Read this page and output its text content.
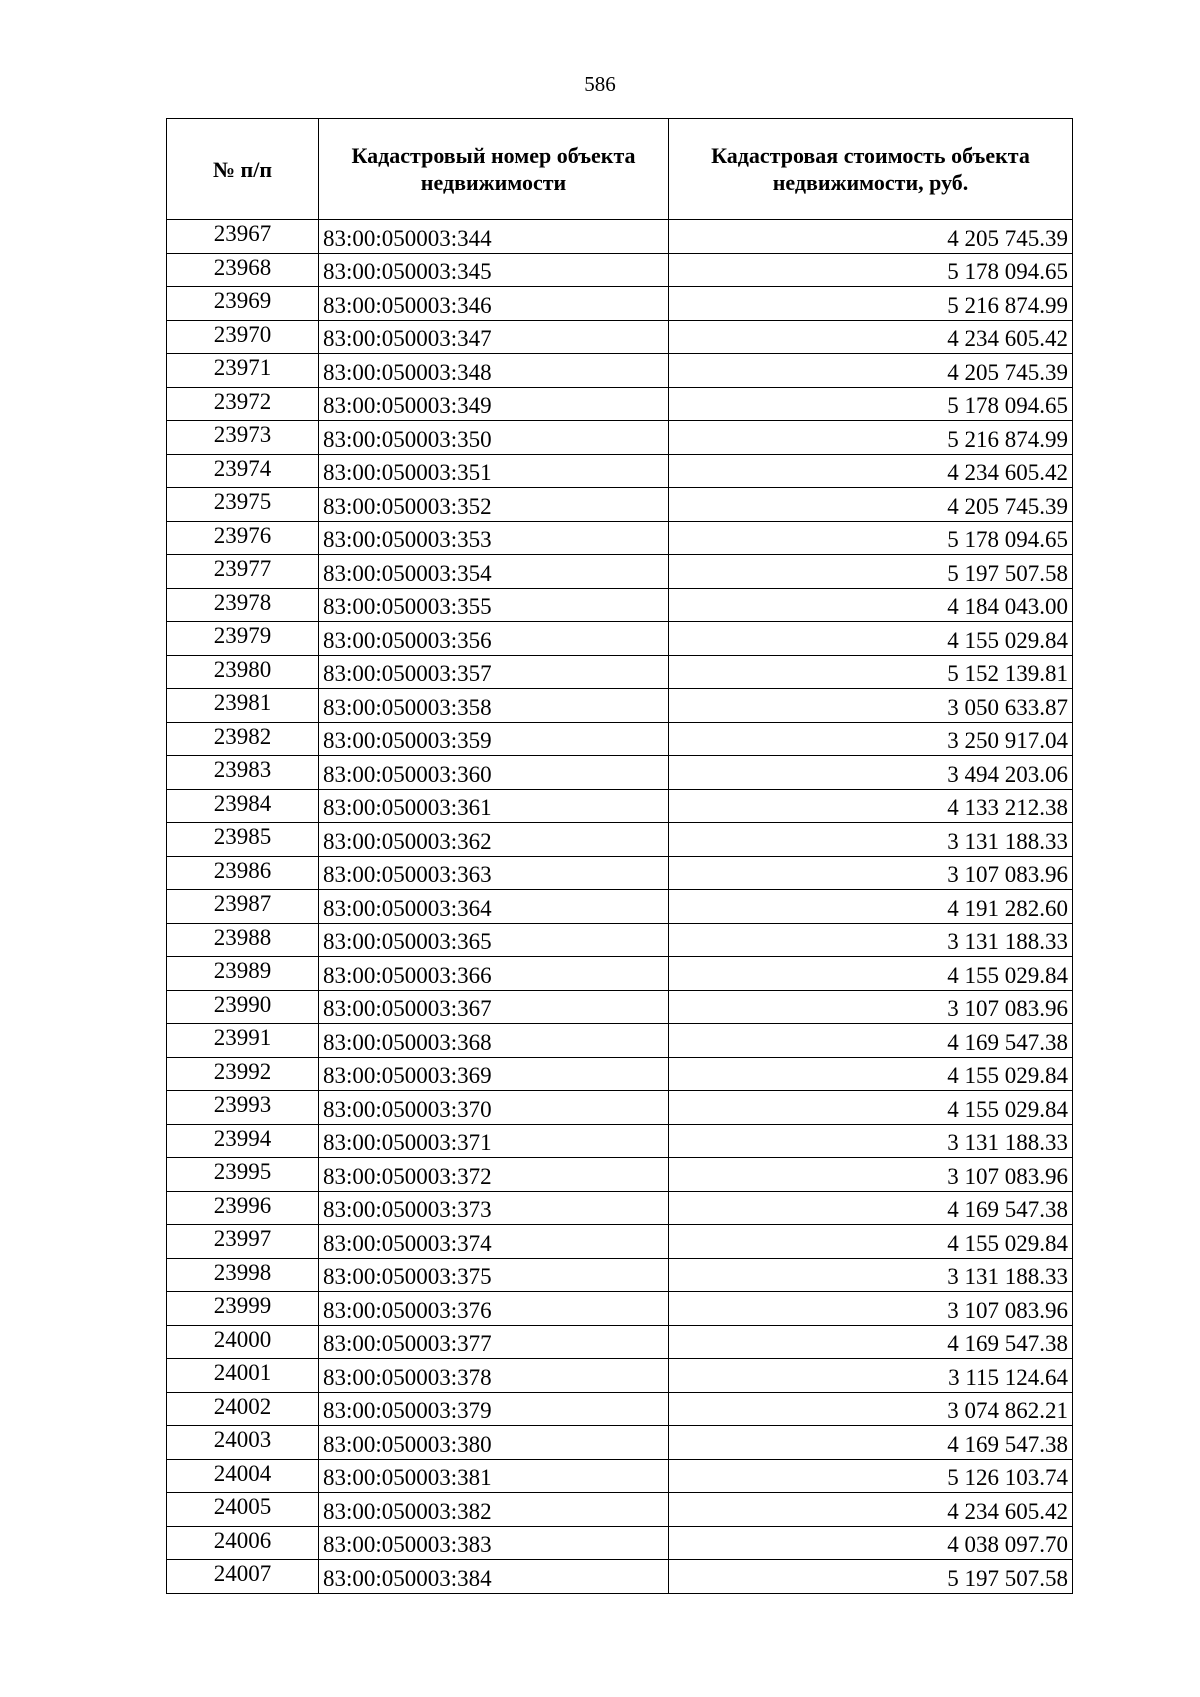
586
№ п/п	Кадастровый номер объекта недвижимости	Кадастровая стоимость объекта недвижимости, руб.
23967	83:00:050003:344	4 205 745.39
23968	83:00:050003:345	5 178 094.65
23969	83:00:050003:346	5 216 874.99
23970	83:00:050003:347	4 234 605.42
23971	83:00:050003:348	4 205 745.39
23972	83:00:050003:349	5 178 094.65
23973	83:00:050003:350	5 216 874.99
23974	83:00:050003:351	4 234 605.42
23975	83:00:050003:352	4 205 745.39
23976	83:00:050003:353	5 178 094.65
23977	83:00:050003:354	5 197 507.58
23978	83:00:050003:355	4 184 043.00
23979	83:00:050003:356	4 155 029.84
23980	83:00:050003:357	5 152 139.81
23981	83:00:050003:358	3 050 633.87
23982	83:00:050003:359	3 250 917.04
23983	83:00:050003:360	3 494 203.06
23984	83:00:050003:361	4 133 212.38
23985	83:00:050003:362	3 131 188.33
23986	83:00:050003:363	3 107 083.96
23987	83:00:050003:364	4 191 282.60
23988	83:00:050003:365	3 131 188.33
23989	83:00:050003:366	4 155 029.84
23990	83:00:050003:367	3 107 083.96
23991	83:00:050003:368	4 169 547.38
23992	83:00:050003:369	4 155 029.84
23993	83:00:050003:370	4 155 029.84
23994	83:00:050003:371	3 131 188.33
23995	83:00:050003:372	3 107 083.96
23996	83:00:050003:373	4 169 547.38
23997	83:00:050003:374	4 155 029.84
23998	83:00:050003:375	3 131 188.33
23999	83:00:050003:376	3 107 083.96
24000	83:00:050003:377	4 169 547.38
24001	83:00:050003:378	3 115 124.64
24002	83:00:050003:379	3 074 862.21
24003	83:00:050003:380	4 169 547.38
24004	83:00:050003:381	5 126 103.74
24005	83:00:050003:382	4 234 605.42
24006	83:00:050003:383	4 038 097.70
24007	83:00:050003:384	5 197 507.58
